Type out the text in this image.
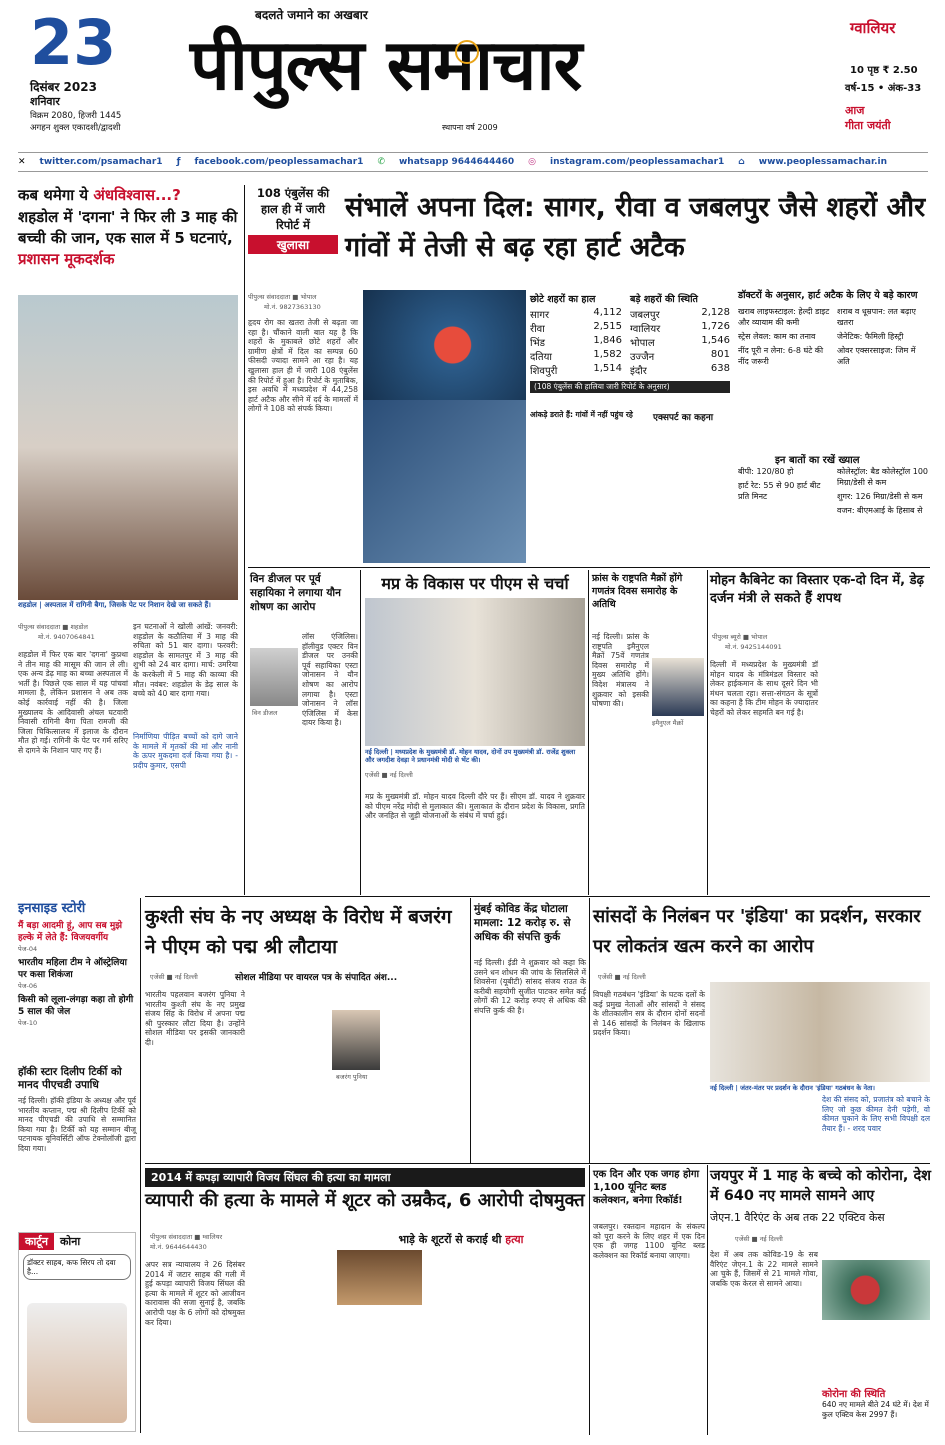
23
दिसंबर 2023
शनिवार
विक्रम 2080, हिजरी 1445
अगहन शुक्ल एकादशी/द्वादशी
बदलते जमाने का अखबार
पीपुल्स समाचार
स्थापना वर्ष 2009
ग्वालियर
10 पृष्ठ ₹ 2.50
वर्ष-15 • अंक-33
आज
गीता जयंती
✕ twitter.com/psamachar1 ƒ facebook.com/peoplessamachar1 ✆ whatsapp 9644644460 ◎ instagram.com/peoplessamachar1 ⌂ www.peoplessamachar.in
कब थमेगा ये अंधविश्वास...?
शहडोल में 'दगना' ने फिर ली 3 माह की बच्ची की जान, एक साल में 5 घटनाएं, प्रशासन मूकदर्शक
शहडोल | अस्पताल में रागिनी बैगा, जिसके पेट पर निशान देखे जा सकते हैं।
पीपुल्स संवाददाता ■ शहडोल
मो.नं. 9407064841
शहडोल में फिर एक बार 'दगना' कुप्रथा ने तीन माह की मासूम की जान ले ली। एक अन्य डेढ़ माह का बच्चा अस्पताल में भर्ती है। पिछले एक साल में यह पांचवां मामला है, लेकिन प्रशासन ने अब तक कोई कार्रवाई नहीं की है। जिला मुख्यालय के आदिवासी अंचल घटवारी निवासी रागिनी बैगा पिता रामजी की जिला चिकित्सालय में इलाज के दौरान मौत हो गई। रागिनी के पेट पर गर्म सरिए से दागने के निशान पाए गए हैं।
इन घटनाओं ने खोली आंखें: जनवरी: शहडोल के कठौतिया में 3 माह की रुचिता को 51 बार दागा। फरवरी: शहडोल के सामतपुर में 3 माह की शुभी को 24 बार दागा। मार्च: उमरिया के करकेली में 5 माह की काव्या की मौत। नवंबर: शहडोल के डेढ़ साल के बच्चे को 40 बार दागा गया।
निर्माणिया पीड़ित बच्चों को दागे जाने के मामले में मृतकों की मां और नानी के ऊपर मुकदमा दर्ज किया गया है। - प्रदीप कुमार, एसपी
इनसाइड स्टोरी
मैं बड़ा आदमी हूं, आप सब मुझे हल्के में लेते हैं: विजयवर्गीय
पेज-04
भारतीय महिला टीम ने ऑस्ट्रेलिया पर कसा शिकंजा
पेज-06
किसी को लूला-लंगड़ा कहा तो होगी 5 साल की जेल
पेज-10
हॉकी स्टार दिलीप टिर्की को मानद पीएचडी उपाधि
नई दिल्ली। हॉकी इंडिया के अध्यक्ष और पूर्व भारतीय कप्तान, पद्म श्री दिलीप टिर्की को मानद पीएचडी की उपाधि से सम्मानित किया गया है। टिर्की को यह सम्मान बीजू पटनायक यूनिवर्सिटी ऑफ टेक्नोलॉजी द्वारा दिया गया।
कार्टून	कोना
डॉक्टर साहब, कफ सिरप तो दवा है...
108 एंबुलेंस की हाल ही में जारी रिपोर्ट में
खुलासा
संभालें अपना दिल: सागर, रीवा व जबलपुर जैसे शहरों और गांवों में तेजी से बढ़ रहा हार्ट अटैक
पीपुल्स संवाददाता ■ भोपाल
मो.नं. 9827363130
हृदय रोग का खतरा तेजी से बढ़ता जा रहा है। चौंकाने वाली बात यह है कि शहरों के मुकाबले छोटे शहरों और ग्रामीण क्षेत्रों में दिल का सम्पन्न 60 फीसदी ज्यादा सामने आ रहा है। यह खुलासा हाल ही में जारी 108 एंबुलेंस की रिपोर्ट में हुआ है। रिपोर्ट के मुताबिक, इस अवधि में मध्यप्रदेश में 44,258 हार्ट अटैक और सीने में दर्द के मामलों में लोगों ने 108 को संपर्क किया।
छोटे शहरों का हाल	बड़े शहरों की स्थिति
सागर	4,112 जबलपुर	2,128
रीवा	2,515 ग्वालियर	1,726
भिंड	1,846 भोपाल	1,546
दतिया	1,582 उज्जैन	801
शिवपुरी	1,514 इंदौर	638
(108 एंबुलेंस की हालिया जारी रिपोर्ट के अनुसार)
आंकड़े डराते हैं: गांवों में नहीं पहुंच रहे	एक्सपर्ट का कहना
डॉक्टरों के अनुसार, हार्ट अटैक के लिए ये बड़े कारण
खराब लाइफस्टाइल: हेल्दी डाइट और व्यायाम की कमी
स्ट्रेस लेवल: काम का तनाव
नींद पूरी न लेना: 6-8 घंटे की नींद जरूरी
शराब व धूम्रपान: लत बढ़ाए खतरा
जेनेटिक: फैमिली हिस्ट्री
ओवर एक्सरसाइज: जिम में अति
इन बातों का रखें ख्याल
बीपी: 120/80 हो
हार्ट रेट: 55 से 90 हार्ट बीट प्रति मिनट
कोलेस्ट्रॉल: बैड कोलेस्ट्रॉल 100 मिग्रा/डेसी से कम
शुगर: 126 मिग्रा/डेसी से कम
वजन: बीएमआई के हिसाब से
विन डीजल पर पूर्व सहायिका ने लगाया यौन शोषण का आरोप
विन डीजल
लॉस एंजिलिस। हॉलीवुड एक्टर विन डीजल पर उनकी पूर्व सहायिका एस्टा जोनासन ने यौन शोषण का आरोप लगाया है। एस्टा जोनासन ने लॉस एंजिलिस में केस दायर किया है।
मप्र के विकास पर पीएम से चर्चा
नई दिल्ली | मध्यप्रदेश के मुख्यमंत्री डॉ. मोहन यादव, दोनों उप मुख्यमंत्री डॉ. राजेंद्र शुक्ला और जगदीश देवड़ा ने प्रधानमंत्री मोदी से भेंट की।
एजेंसी ■ नई दिल्ली
मप्र के मुख्यमंत्री डॉ. मोहन यादव दिल्ली दौरे पर हैं। सीएम डॉ. यादव ने शुक्रवार को पीएम नरेंद्र मोदी से मुलाकात की। मुलाकात के दौरान प्रदेश के विकास, प्रगति और जनहित से जुड़ी योजनाओं के संबंध में चर्चा हुई।
फ्रांस के राष्ट्रपति मैक्रों होंगे गणतंत्र दिवस समारोह के अतिथि
इमैनुएल मैक्रों
नई दिल्ली। फ्रांस के राष्ट्रपति इमैनुएल मैक्रों 75वें गणतंत्र दिवस समारोह में मुख्य अतिथि होंगे। विदेश मंत्रालय ने शुक्रवार को इसकी घोषणा की।
मोहन कैबिनेट का विस्तार एक-दो दिन में, डेढ़ दर्जन मंत्री ले सकते हैं शपथ
पीपुल्स ब्यूरो ■ भोपाल
मो.नं. 9425144091
दिल्ली में मध्यप्रदेश के मुख्यमंत्री डॉ मोहन यादव के मंत्रिमंडल विस्तार को लेकर हाईकमान के साथ दूसरे दिन भी मंथन चलता रहा। सत्ता-संगठन के सूत्रों का कहना है कि टीम मोहन के ज्यादातर चेहरों को लेकर सहमति बन गई है।
कुश्ती संघ के नए अध्यक्ष के विरोध में बजरंग ने पीएम को पद्म श्री लौटाया
एजेंसी ■ नई दिल्ली	सोशल मीडिया पर वायरल पत्र के संपादित अंश...
भारतीय पहलवान बजरंग पुनिया ने भारतीय कुश्ती संघ के नए प्रमुख संजय सिंह के विरोध में अपना पद्म श्री पुरस्कार लौटा दिया है। उन्होंने सोशल मीडिया पर इसकी जानकारी दी।
बजरंग पुनिया
मुंबई कोविड केंद्र घोटाला मामला: 12 करोड़ रु. से अधिक की संपत्ति कुर्क
नई दिल्ली। ईडी ने शुक्रवार को कहा कि उसने धन शोधन की जांच के सिलसिले में शिवसेना (यूबीटी) सांसद संजय राउत के करीबी सहयोगी सुजीत पाटकर समेत कई लोगों की 12 करोड़ रुपए से अधिक की संपत्ति कुर्क की है।
सांसदों के निलंबन पर 'इंडिया' का प्रदर्शन, सरकार पर लोकतंत्र खत्म करने का आरोप
एजेंसी ■ नई दिल्ली
विपक्षी गठबंधन 'इंडिया' के घटक दलों के कई प्रमुख नेताओं और सांसदों ने संसद के शीतकालीन सत्र के दौरान दोनों सदनों से 146 सांसदों के निलंबन के खिलाफ प्रदर्शन किया।
नई दिल्ली | जंतर-मंतर पर प्रदर्शन के दौरान 'इंडिया' गठबंधन के नेता।
देश की संसद को, प्रजातंत्र को बचाने के लिए जो कुछ कीमत देनी पड़ेगी, वो कीमत चुकाने के लिए सभी विपक्षी दल तैयार हैं। - शरद पवार
2014 में कपड़ा व्यापारी विजय सिंघल की हत्या का मामला
व्यापारी की हत्या के मामले में शूटर को उम्रकैद, 6 आरोपी दोषमुक्त
पीपुल्स संवाददाता ■ ग्वालियर
मो.नं. 9644644430
अपर सत्र न्यायालय ने 26 दिसंबर 2014 में जटार साहब की गली में हुई कपड़ा व्यापारी विजय सिंघल की हत्या के मामले में शूटर को आजीवन कारावास की सजा सुनाई है, जबकि आरोपी पक्ष के 6 लोगों को दोषमुक्त कर दिया।
भाड़े के शूटरों से कराई थी हत्या
एक दिन और एक जगह होगा 1,100 यूनिट ब्लड कलेक्शन, बनेगा रिकॉर्ड!
जबलपुर। रक्तदान महादान के संकल्प को पूरा करने के लिए शहर में एक दिन एक ही जगह 1100 यूनिट ब्लड कलेक्शन का रिकॉर्ड बनाया जाएगा।
जयपुर में 1 माह के बच्चे को कोरोना, देश में 640 नए मामले सामने आए
जेएन.1 वैरिएंट के अब तक 22 एक्टिव केस
एजेंसी ■ नई दिल्ली
देश में अब तक कोविड-19 के सब वैरिएंट जेएन.1 के 22 मामले सामने आ चुके हैं, जिसमें से 21 मामले गोवा, जबकि एक केरल से सामने आया।
कोरोना की स्थिति
640 नए मामले बीते 24 घंटे में। देश में कुल एक्टिव केस 2997 हैं।
